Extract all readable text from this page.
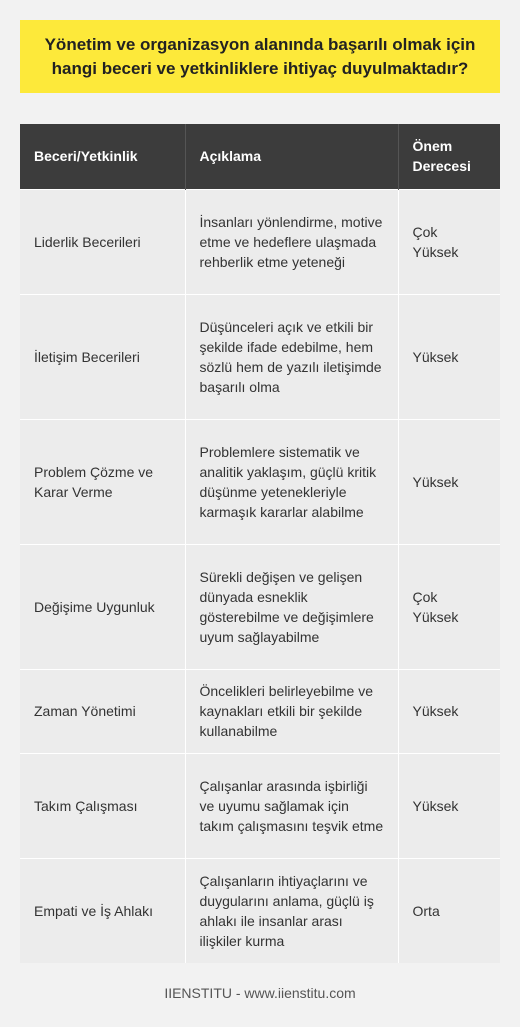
Yönetim ve organizasyon alanında başarılı olmak için hangi beceri ve yetkinliklere ihtiyaç duyulmaktadır?
Beceri/Yetkinlik	Açıklama	Önem Derecesi
Liderlik Becerileri	İnsanları yönlendirme, motive etme ve hedeflere ulaşmada rehberlik etme yeteneği	Çok Yüksek
İletişim Becerileri	Düşünceleri açık ve etkili bir şekilde ifade edebilme, hem sözlü hem de yazılı iletişimde başarılı olma	Yüksek
Problem Çözme ve Karar Verme	Problemlere sistematik ve analitik yaklaşım, güçlü kritik düşünme yetenekleriyle karmaşık kararlar alabilme	Yüksek
Değişime Uygunluk	Sürekli değişen ve gelişen dünyada esneklik gösterebilme ve değişimlere uyum sağlayabilme	Çok Yüksek
Zaman Yönetimi	Öncelikleri belirleyebilme ve kaynakları etkili bir şekilde kullanabilme	Yüksek
Takım Çalışması	Çalışanlar arasında işbirliği ve uyumu sağlamak için takım çalışmasını teşvik etme	Yüksek
Empati ve İş Ahlakı	Çalışanların ihtiyaçlarını ve duygularını anlama, güçlü iş ahlakı ile insanlar arası ilişkiler kurma	Orta
IIENSTITU - www.iienstitu.com
